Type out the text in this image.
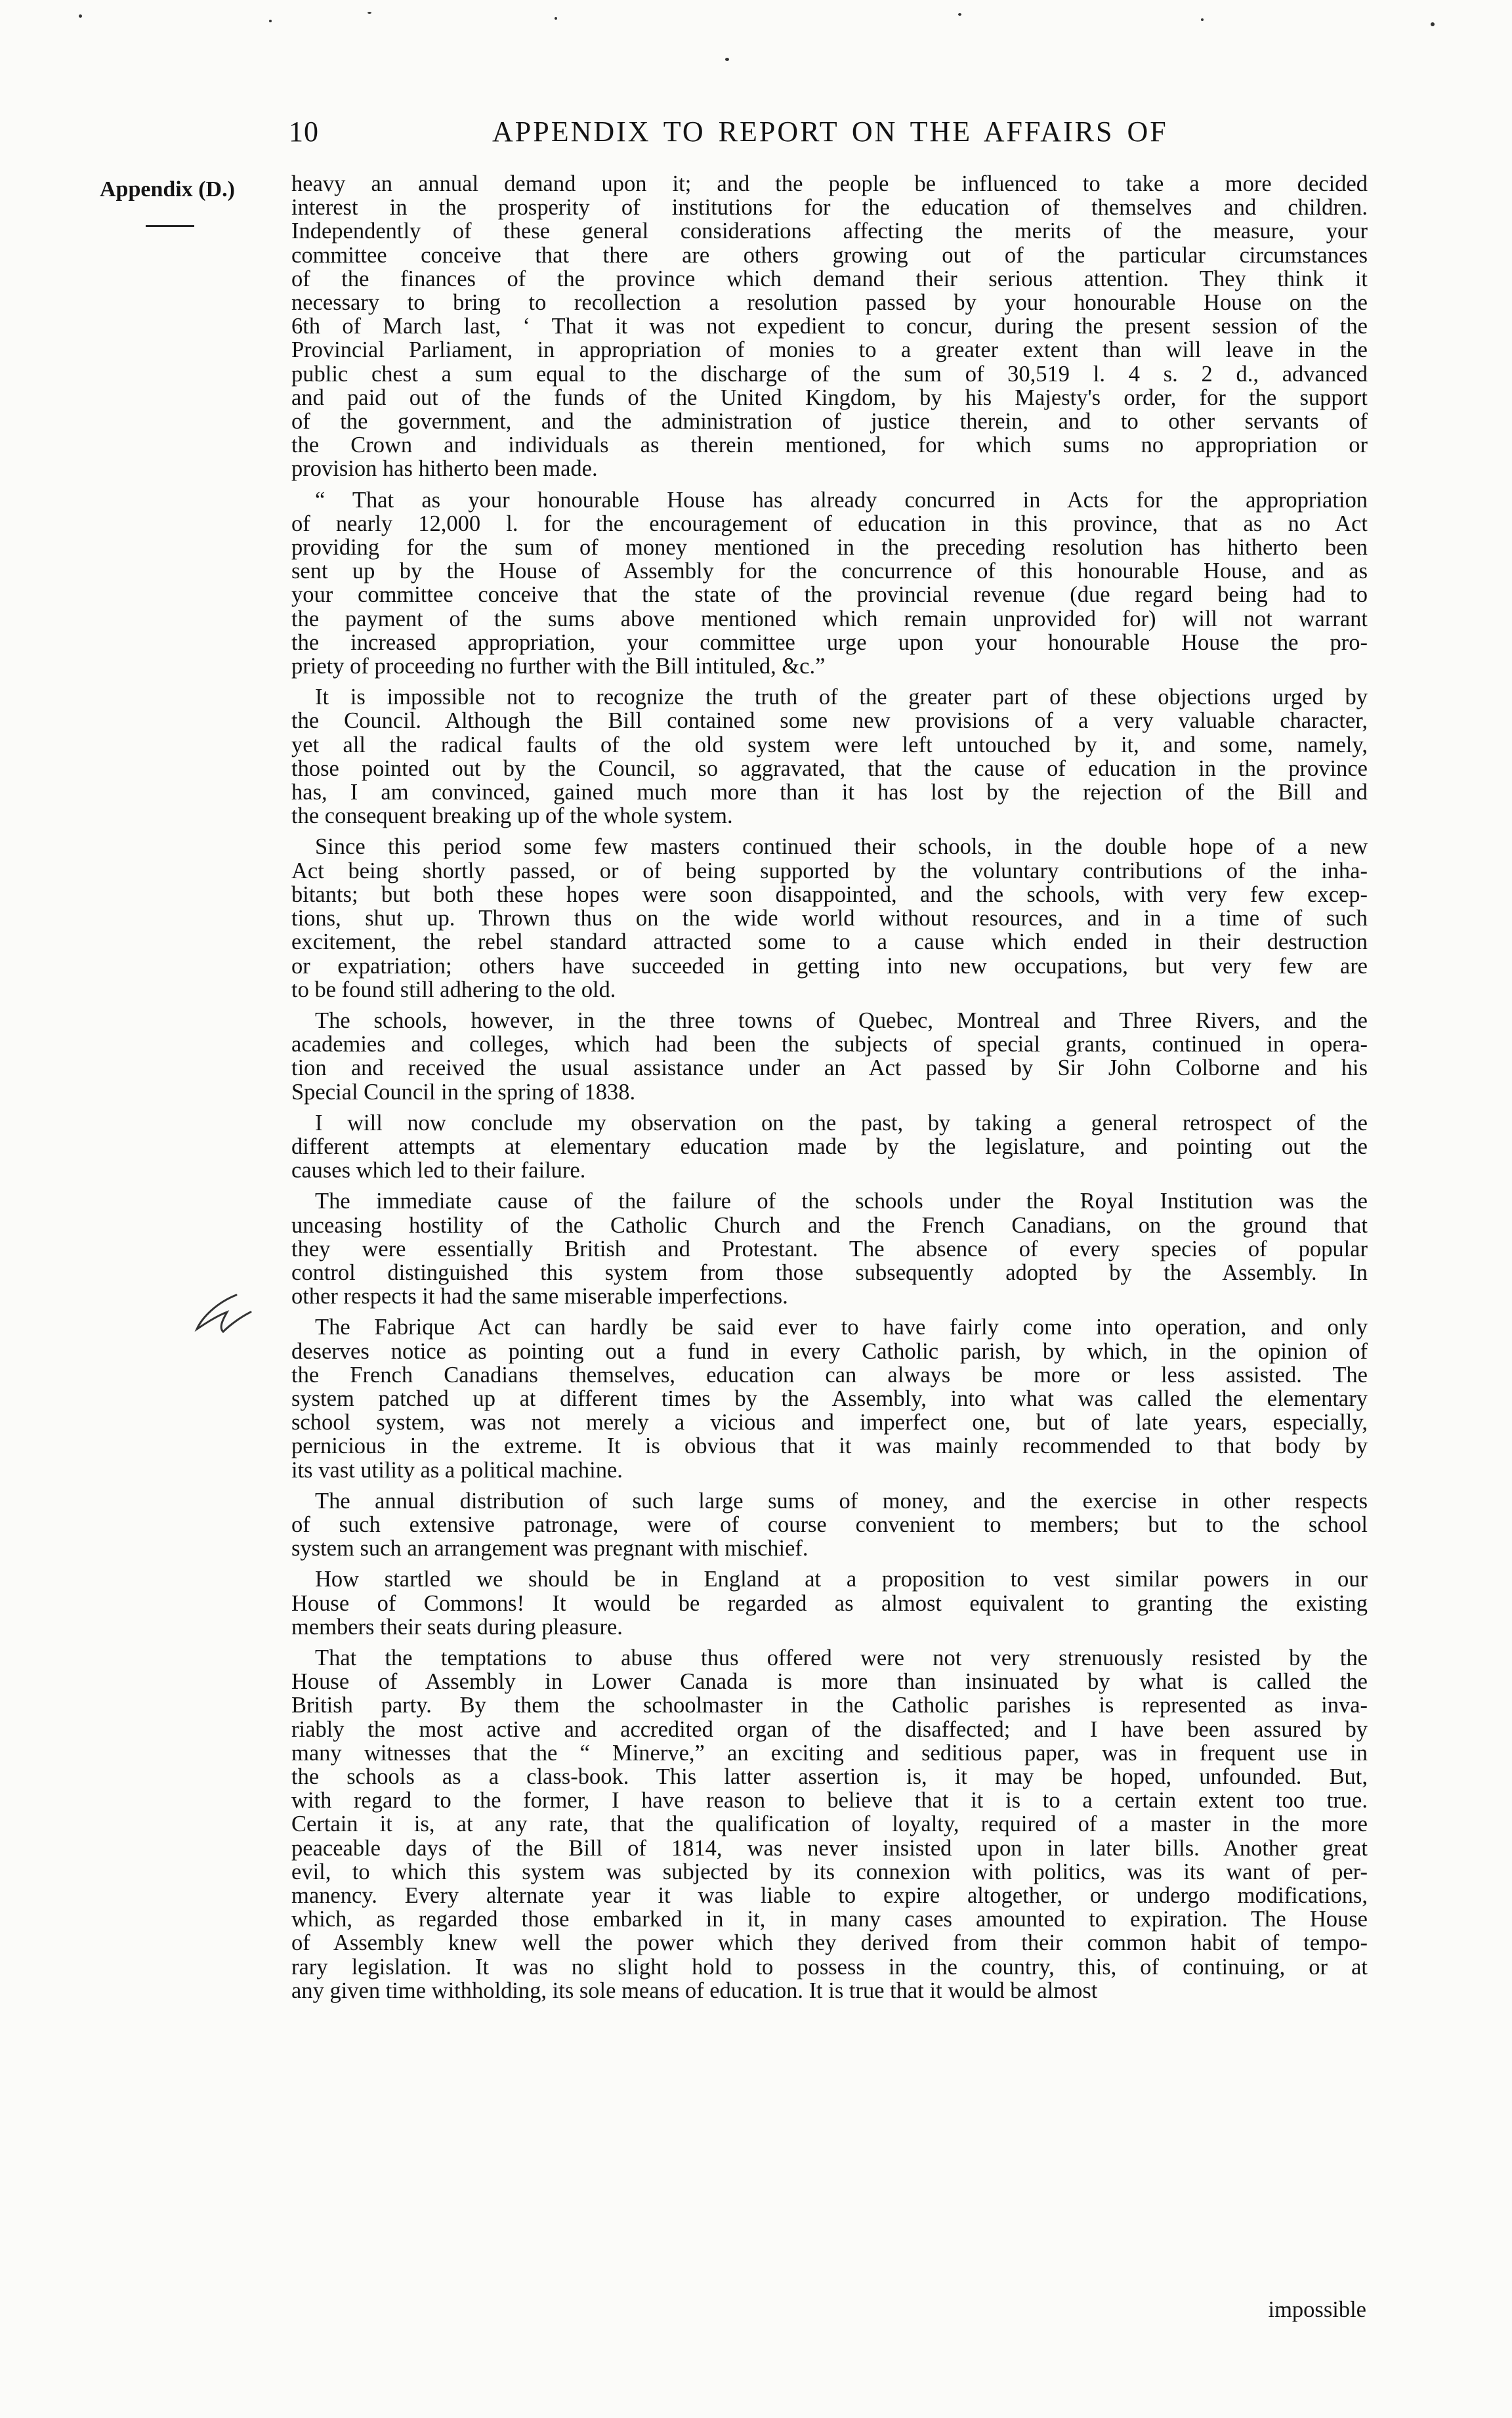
10	APPENDIX TO REPORT ON THE AFFAIRS OF
Appendix (D.) heavy an annual demand upon it; and the people be influenced to take a more decided
interest in the prosperity of institutions for the education of themselves and children.
Independently of these general considerations affecting the merits of the measure, your
committee conceive that there are others growing out of the particular circumstances
of the finances of the province which demand their serious attention. They think it
necessary to bring to recollection a resolution passed by your honourable House on the
6th of March last, ‘ That it was not expedient to concur, during the present session of the
Provincial Parliament, in appropriation of monies to a greater extent than will leave in the
public chest a sum equal to the discharge of the sum of 30,519 l. 4 s. 2 d., advanced
and paid out of the funds of the United Kingdom, by his Majesty's order, for the support
of the government, and the administration of justice therein, and to other servants of
the Crown and individuals as therein mentioned, for which sums no appropriation or
provision has hitherto been made.
“ That as your honourable House has already concurred in Acts for the appropriation
of nearly 12,000 l. for the encouragement of education in this province, that as no Act
providing for the sum of money mentioned in the preceding resolution has hitherto been
sent up by the House of Assembly for the concurrence of this honourable House, and as
your committee conceive that the state of the provincial revenue (due regard being had to
the payment of the sums above mentioned which remain unprovided for) will not warrant
the increased appropriation, your committee urge upon your honourable House the pro-
priety of proceeding no further with the Bill intituled, &c.”
It is impossible not to recognize the truth of the greater part of these objections urged by
the Council. Although the Bill contained some new provisions of a very valuable character,
yet all the radical faults of the old system were left untouched by it, and some, namely,
those pointed out by the Council, so aggravated, that the cause of education in the province
has, I am convinced, gained much more than it has lost by the rejection of the Bill and
the consequent breaking up of the whole system.
Since this period some few masters continued their schools, in the double hope of a new
Act being shortly passed, or of being supported by the voluntary contributions of the inha-
bitants; but both these hopes were soon disappointed, and the schools, with very few excep-
tions, shut up. Thrown thus on the wide world without resources, and in a time of such
excitement, the rebel standard attracted some to a cause which ended in their destruction
or expatriation; others have succeeded in getting into new occupations, but very few are
to be found still adhering to the old.
The schools, however, in the three towns of Quebec, Montreal and Three Rivers, and the
academies and colleges, which had been the subjects of special grants, continued in opera-
tion and received the usual assistance under an Act passed by Sir John Colborne and his
Special Council in the spring of 1838.
I will now conclude my observation on the past, by taking a general retrospect of the
different attempts at elementary education made by the legislature, and pointing out the
causes which led to their failure.
The immediate cause of the failure of the schools under the Royal Institution was the
unceasing hostility of the Catholic Church and the French Canadians, on the ground that
they were essentially British and Protestant. The absence of every species of popular
control distinguished this system from those subsequently adopted by the Assembly. In
other respects it had the same miserable imperfections.
The Fabrique Act can hardly be said ever to have fairly come into operation, and only
deserves notice as pointing out a fund in every Catholic parish, by which, in the opinion of
the French Canadians themselves, education can always be more or less assisted. The
system patched up at different times by the Assembly, into what was called the elementary
school system, was not merely a vicious and imperfect one, but of late years, especially,
pernicious in the extreme. It is obvious that it was mainly recommended to that body by
its vast utility as a political machine.
The annual distribution of such large sums of money, and the exercise in other respects
of such extensive patronage, were of course convenient to members; but to the school
system such an arrangement was pregnant with mischief.
How startled we should be in England at a proposition to vest similar powers in our
House of Commons! It would be regarded as almost equivalent to granting the existing
members their seats during pleasure.
That the temptations to abuse thus offered were not very strenuously resisted by the
House of Assembly in Lower Canada is more than insinuated by what is called the
British party. By them the schoolmaster in the Catholic parishes is represented as inva-
riably the most active and accredited organ of the disaffected; and I have been assured by
many witnesses that the “ Minerve,” an exciting and seditious paper, was in frequent use in
the schools as a class-book. This latter assertion is, it may be hoped, unfounded. But,
with regard to the former, I have reason to believe that it is to a certain extent too true.
Certain it is, at any rate, that the qualification of loyalty, required of a master in the more
peaceable days of the Bill of 1814, was never insisted upon in later bills. Another great
evil, to which this system was subjected by its connexion with politics, was its want of per-
manency. Every alternate year it was liable to expire altogether, or undergo modifications,
which, as regarded those embarked in it, in many cases amounted to expiration. The House
of Assembly knew well the power which they derived from their common habit of tempo-
rary legislation. It was no slight hold to possess in the country, this, of continuing, or at
any given time withholding, its sole means of education. It is true that it would be almost
impossible
